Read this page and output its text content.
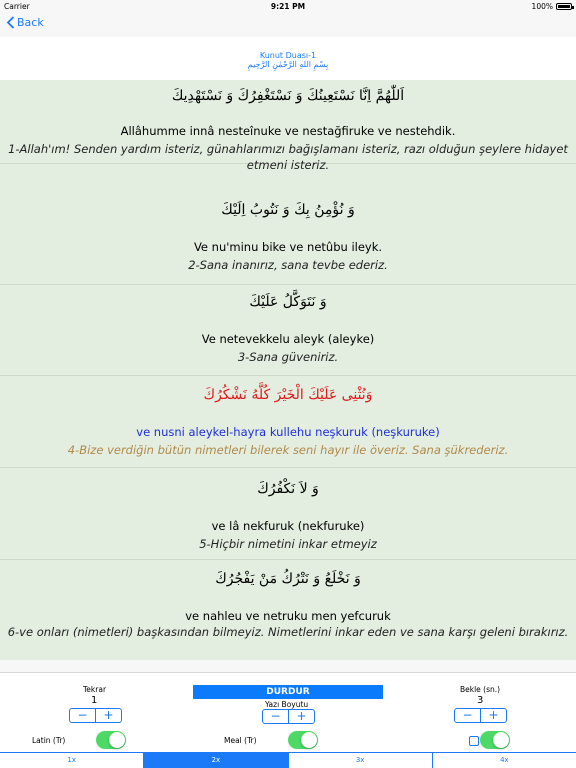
Carrier	9:21 PM	100%
Back
Kunut Duası-1
بِسْمِ اللهِ الرَّحْمٰنِ الرَّحِيمِ
اَللّٰهُمَّ اِنَّا نَسْتَعِينُكَ وَ نَسْتَغْفِرُكَ وَ نَسْتَهْدِيكَ
Allâhumme innâ nesteînuke ve nestağfiruke ve nestehdik.
1-Allah'ım! Senden yardım isteriz, günahlarımızı bağışlamanı isteriz, razı olduğun şeylere hidayet etmeni isteriz.
وَ نُؤْمِنُ بِكَ وَ نَتُوبُ اِلَيْكَ
Ve nu'minu bike ve netûbu ileyk.
2-Sana inanırız, sana tevbe ederiz.
وَ نَتَوَكَّلُ عَلَيْكَ
Ve netevekkelu aleyk (aleyke)
3-Sana güveniriz.
وَنُثْنِى عَلَيْكَ الْخَيْرَ كُلَّهُ نَشْكُرُكَ
ve nusni aleykel-hayra kullehu neşkuruk (neşkuruke)
4-Bize verdiğin bütün nimetleri bilerek seni hayır ile överiz. Sana şükrederiz.
وَ لاَ نَكْفُرُكَ
ve lâ nekfuruk (nekfuruke)
5-Hiçbir nimetini inkar etmeyiz
وَ نَخْلَعُ وَ نَتْرُكُ مَنْ يَفْجُرُكَ
ve nahleu ve netruku men yefcuruk
6-ve onları (nimetleri) başkasından bilmeyiz. Nimetlerini inkar eden ve sana karşı geleni bırakırız.
Tekrar
1
−	+
DURDUR
Yazı Boyutu
−	+
Bekle (sn.)
3
−	+
Latin (Tr)	Meal (Tr)
1x	2x	3x	4x
